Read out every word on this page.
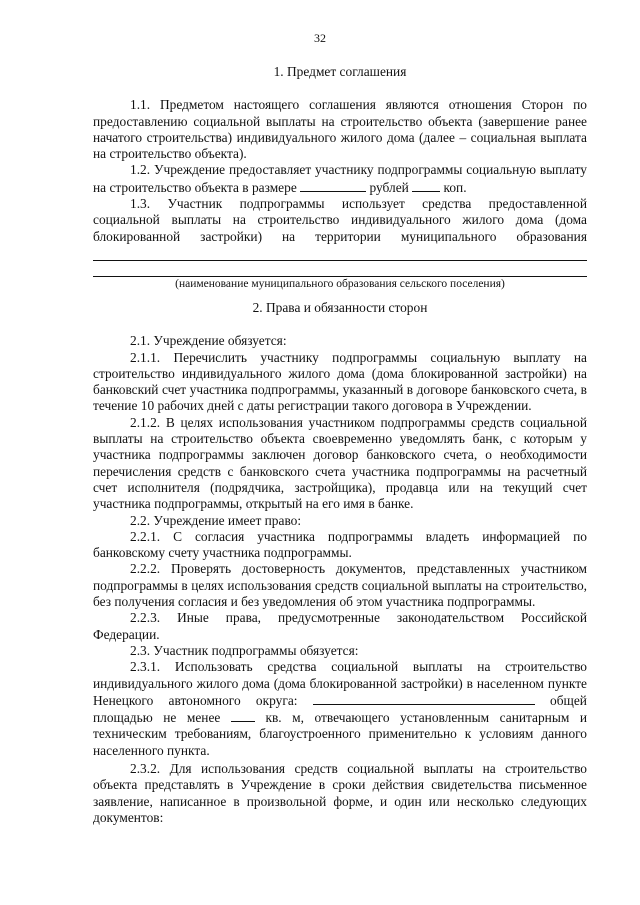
32
1. Предмет соглашения

1.1. Предметом настоящего соглашения являются отношения Сторон по предоставлению социальной выплаты на строительство объекта (завершение ранее начатого строительства) индивидуального жилого дома (далее – социальная выплата на строительство объекта).

1.2. Учреждение предоставляет участнику подпрограммы социальную выплату на строительство объекта в размере	рублей	коп.

1.3. Участник подпрограммы использует средства предоставленной социальной выплаты на строительство индивидуального жилого дома (дома блокированной застройки) на территории муниципального образования

(наименование муниципального образования сельского поселения)
2. Права и обязанности сторон

2.1. Учреждение обязуется:

2.1.1. Перечислить участнику подпрограммы социальную выплату на строительство индивидуального жилого дома (дома блокированной застройки) на банковский счет участника подпрограммы, указанный в договоре банковского счета, в течение 10 рабочих дней с даты регистрации такого договора в Учреждении.

2.1.2. В целях использования участником подпрограммы средств социальной выплаты на строительство объекта своевременно уведомлять банк, с которым у участника подпрограммы заключен договор банковского счета, о необходимости перечисления средств с банковского счета участника подпрограммы на расчетный счет исполнителя (подрядчика, застройщика), продавца или на текущий счет участника подпрограммы, открытый на его имя в банке.

2.2. Учреждение имеет право:

2.2.1. С согласия участника подпрограммы владеть информацией по банковскому счету участника подпрограммы.

2.2.2. Проверять достоверность документов, представленных участником подпрограммы в целях использования средств социальной выплаты на строительство, без получения согласия и без уведомления об этом участника подпрограммы.

2.2.3. Иные права, предусмотренные законодательством Российской Федерации.

2.3. Участник подпрограммы обязуется:

2.3.1. Использовать средства социальной выплаты на строительство индивидуального жилого дома (дома блокированной застройки) в населенном пункте Ненецкого автономного округа:	общей площадью не менее	кв. м, отвечающего установленным санитарным и техническим требованиям, благоустроенного применительно к условиям данного населенного пункта.

2.3.2. Для использования средств социальной выплаты на строительство объекта представлять в Учреждение в сроки действия свидетельства письменное заявление, написанное в произвольной форме, и один или несколько следующих документов:
